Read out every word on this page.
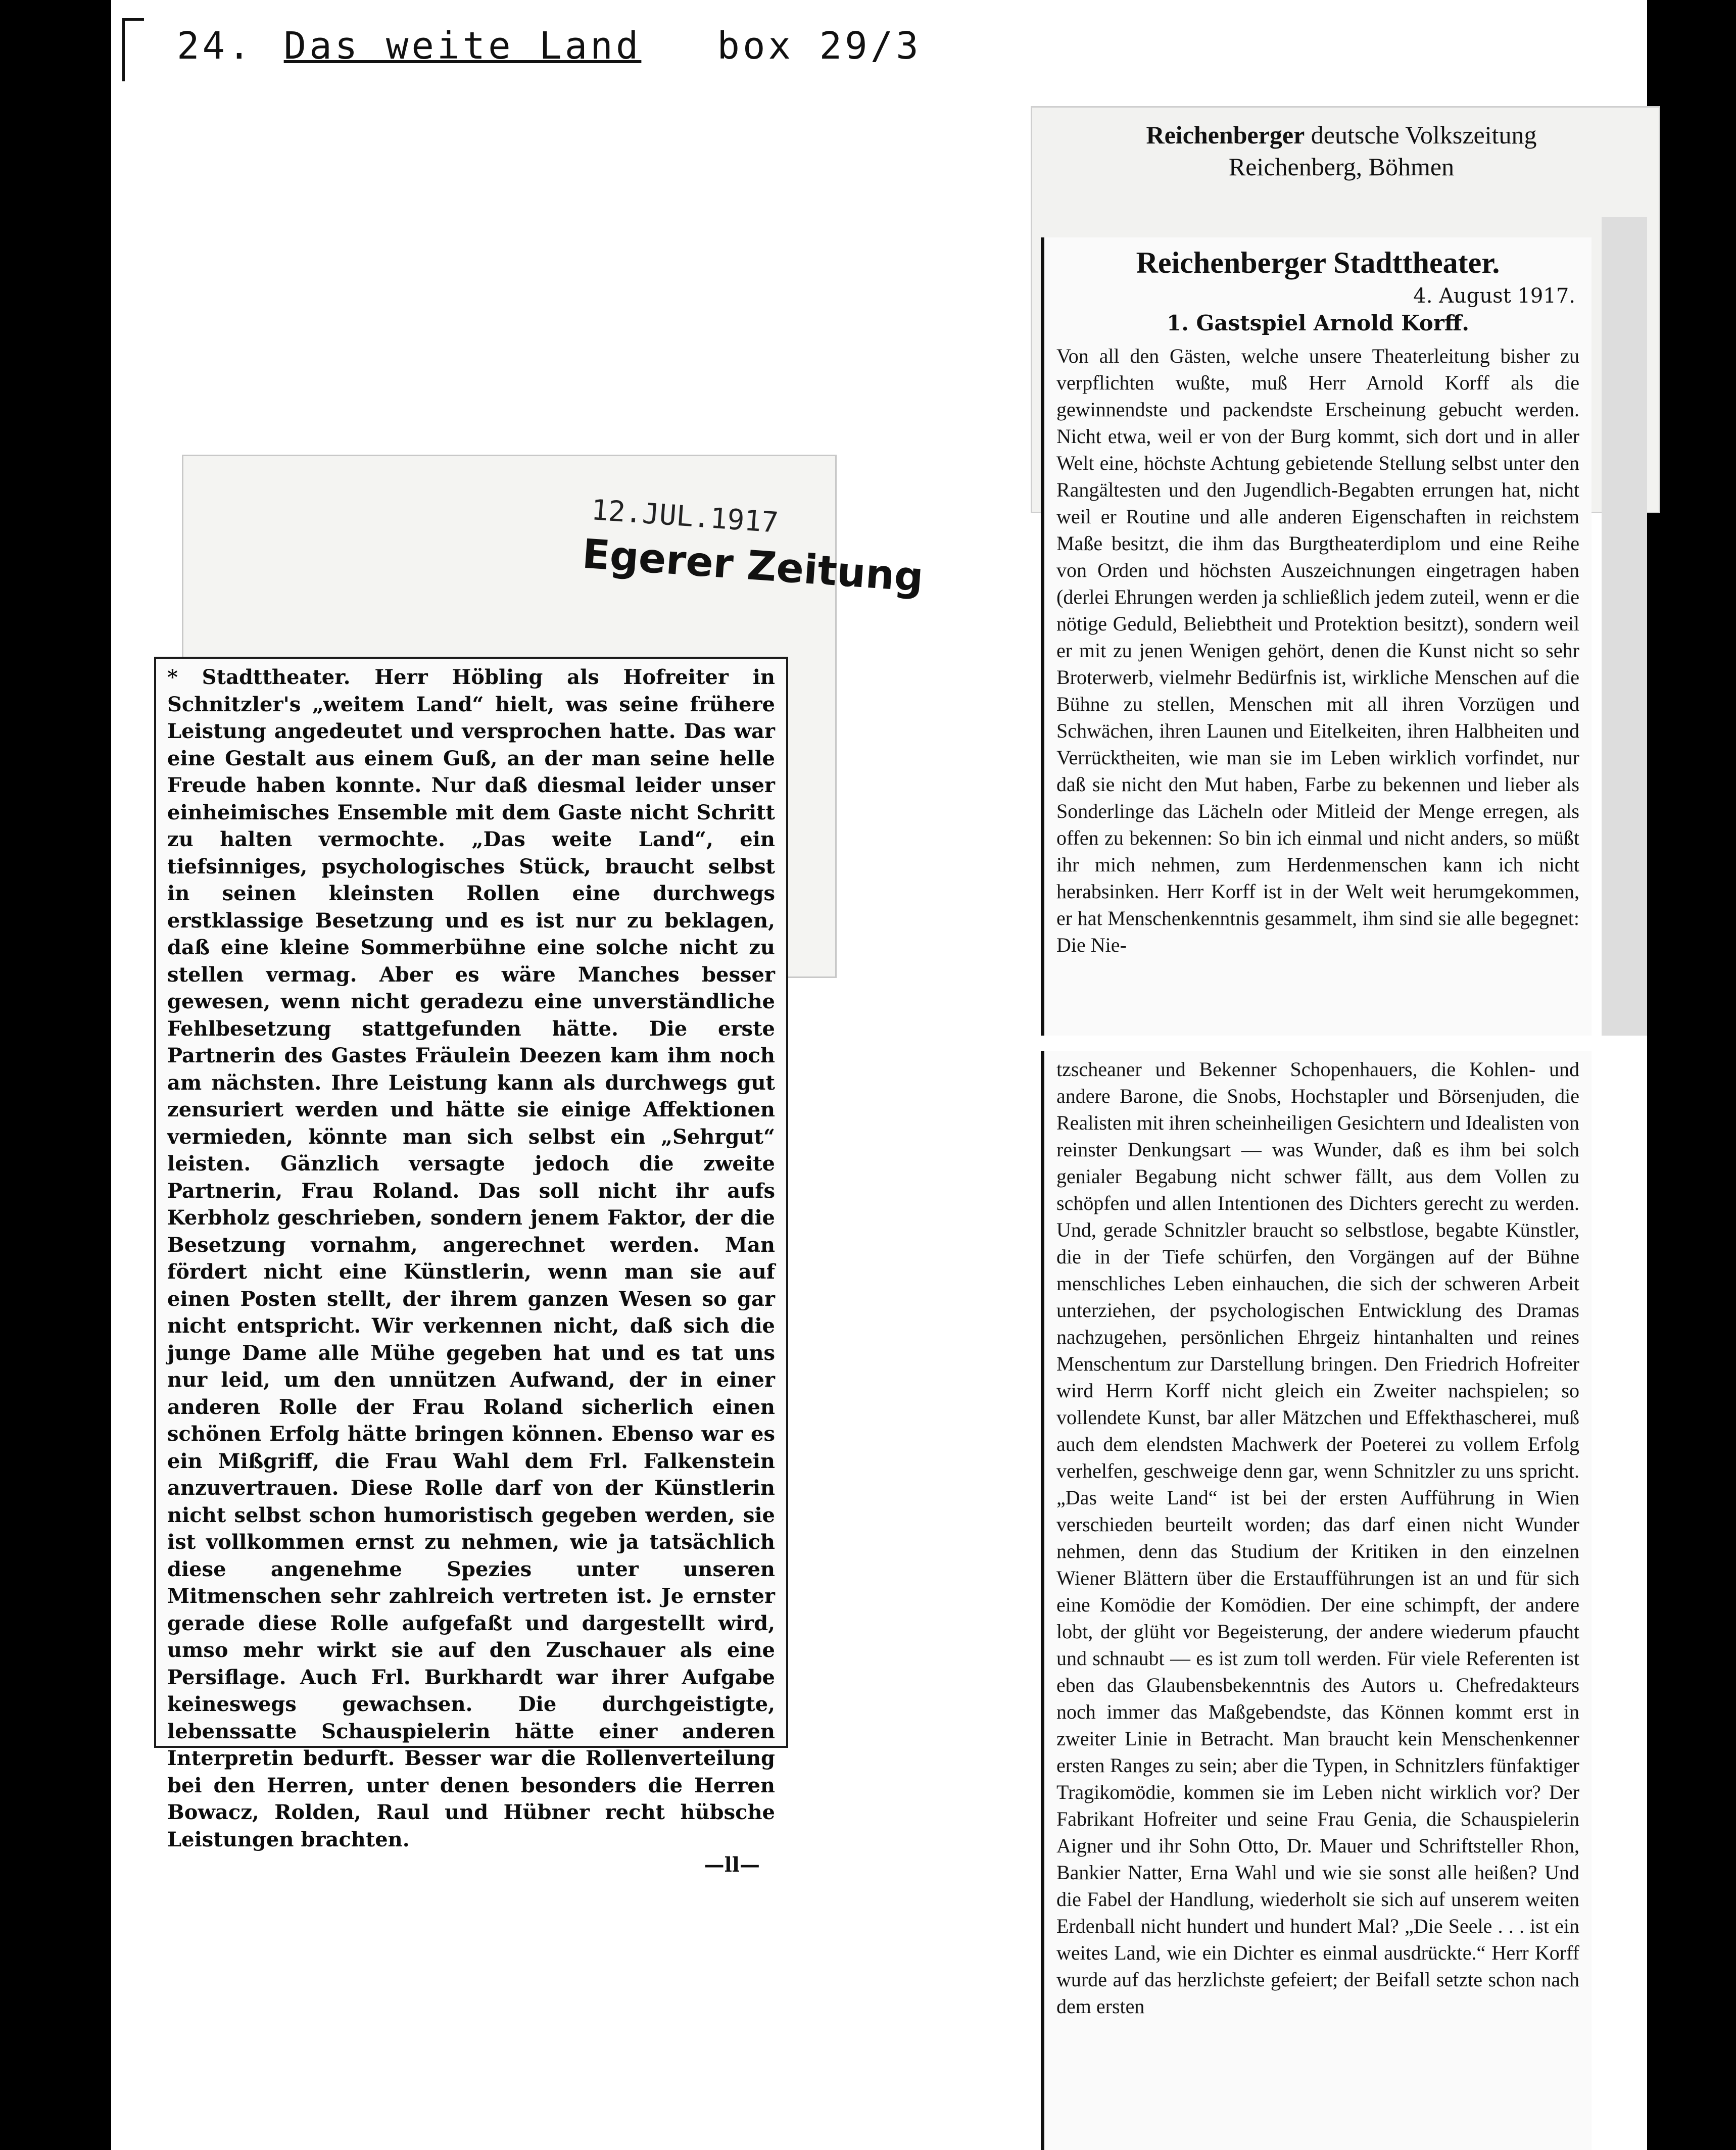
24. Das weite Land box 29/3
Reichenberger deutsche Volkszeitung
Reichenberg, Böhmen
12.JUL.1917
Egerer Zeitung
* Stadttheater. Herr Höbling als Hofreiter in Schnitzler's „weitem Land“ hielt, was seine frühere Leistung angedeutet und versprochen hatte. Das war eine Gestalt aus einem Guß, an der man seine helle Freude haben konnte. Nur daß diesmal leider unser einheimisches Ensemble mit dem Gaste nicht Schritt zu halten vermochte. „Das weite Land“, ein tiefsinniges, psychologisches Stück, braucht selbst in seinen kleinsten Rollen eine durchwegs erstklassige Besetzung und es ist nur zu beklagen, daß eine kleine Sommerbühne eine solche nicht zu stellen vermag. Aber es wäre Manches besser gewesen, wenn nicht geradezu eine unverständliche Fehlbesetzung stattgefunden hätte. Die erste Partnerin des Gastes Fräulein Deezen kam ihm noch am nächsten. Ihre Leistung kann als durchwegs gut zensuriert werden und hätte sie einige Affektionen vermieden, könnte man sich selbst ein „Sehrgut“ leisten. Gänzlich versagte jedoch die zweite Partnerin, Frau Roland. Das soll nicht ihr aufs Kerbholz geschrieben, sondern jenem Faktor, der die Besetzung vornahm, angerechnet werden. Man fördert nicht eine Künstlerin, wenn man sie auf einen Posten stellt, der ihrem ganzen Wesen so gar nicht entspricht. Wir verkennen nicht, daß sich die junge Dame alle Mühe gegeben hat und es tat uns nur leid, um den unnützen Aufwand, der in einer anderen Rolle der Frau Roland sicherlich einen schönen Erfolg hätte bringen können. Ebenso war es ein Mißgriff, die Frau Wahl dem Frl. Falkenstein anzuvertrauen. Diese Rolle darf von der Künstlerin nicht selbst schon humoristisch gegeben werden, sie ist vollkommen ernst zu nehmen, wie ja tatsächlich diese angenehme Spezies unter unseren Mitmenschen sehr zahlreich vertreten ist. Je ernster gerade diese Rolle aufgefaßt und dargestellt wird, umso mehr wirkt sie auf den Zuschauer als eine Persiflage. Auch Frl. Burkhardt war ihrer Aufgabe keineswegs gewachsen. Die durchgeistigte, lebenssatte Schauspielerin hätte einer anderen Interpretin bedurft. Besser war die Rollenverteilung bei den Herren, unter denen besonders die Herren Bowacz, Rolden, Raul und Hübner recht hübsche Leistungen brachten.
—ll—
Reichenberger Stadttheater.
4. August 1917.
1. Gastspiel Arnold Korff.
Von all den Gästen, welche unsere Theaterleitung bisher zu verpflichten wußte, muß Herr Arnold Korff als die gewinnendste und packendste Erscheinung gebucht werden. Nicht etwa, weil er von der Burg kommt, sich dort und in aller Welt eine, höchste Achtung gebietende Stellung selbst unter den Rangältesten und den Jugendlich-Begabten errungen hat, nicht weil er Routine und alle anderen Eigenschaften in reichstem Maße besitzt, die ihm das Burgtheaterdiplom und eine Reihe von Orden und höchsten Auszeichnungen eingetragen haben (derlei Ehrungen werden ja schließlich jedem zuteil, wenn er die nötige Geduld, Beliebtheit und Protektion besitzt), sondern weil er mit zu jenen Wenigen gehört, denen die Kunst nicht so sehr Broterwerb, vielmehr Bedürfnis ist, wirkliche Menschen auf die Bühne zu stellen, Menschen mit all ihren Vorzügen und Schwächen, ihren Launen und Eitelkeiten, ihren Halbheiten und Verrücktheiten, wie man sie im Leben wirklich vorfindet, nur daß sie nicht den Mut haben, Farbe zu bekennen und lieber als Sonderlinge das Lächeln oder Mitleid der Menge erregen, als offen zu bekennen: So bin ich einmal und nicht anders, so müßt ihr mich nehmen, zum Herdenmenschen kann ich nicht herabsinken. Herr Korff ist in der Welt weit herumgekommen, er hat Menschenkenntnis gesammelt, ihm sind sie alle begegnet: Die Nie-
tzscheaner und Bekenner Schopenhauers, die Kohlen- und andere Barone, die Snobs, Hochstapler und Börsenjuden, die Realisten mit ihren scheinheiligen Gesichtern und Idealisten von reinster Denkungsart — was Wunder, daß es ihm bei solch genialer Begabung nicht schwer fällt, aus dem Vollen zu schöpfen und allen Intentionen des Dichters gerecht zu werden. Und, gerade Schnitzler braucht so selbstlose, begabte Künstler, die in der Tiefe schürfen, den Vorgängen auf der Bühne menschliches Leben einhauchen, die sich der schweren Arbeit unterziehen, der psychologischen Entwicklung des Dramas nachzugehen, persönlichen Ehrgeiz hintanhalten und reines Menschentum zur Darstellung bringen. Den Friedrich Hofreiter wird Herrn Korff nicht gleich ein Zweiter nachspielen; so vollendete Kunst, bar aller Mätzchen und Effekthascherei, muß auch dem elendsten Machwerk der Poeterei zu vollem Erfolg verhelfen, geschweige denn gar, wenn Schnitzler zu uns spricht. „Das weite Land“ ist bei der ersten Aufführung in Wien verschieden beurteilt worden; das darf einen nicht Wunder nehmen, denn das Studium der Kritiken in den einzelnen Wiener Blättern über die Erstaufführungen ist an und für sich eine Komödie der Komödien. Der eine schimpft, der andere lobt, der glüht vor Begeisterung, der andere wiederum pfaucht und schnaubt — es ist zum toll werden. Für viele Referenten ist eben das Glaubensbekenntnis des Autors u. Chefredakteurs noch immer das Maßgebendste, das Können kommt erst in zweiter Linie in Betracht. Man braucht kein Menschenkenner ersten Ranges zu sein; aber die Typen, in Schnitzlers fünfaktiger Tragikomödie, kommen sie im Leben nicht wirklich vor? Der Fabrikant Hofreiter und seine Frau Genia, die Schauspielerin Aigner und ihr Sohn Otto, Dr. Mauer und Schriftsteller Rhon, Bankier Natter, Erna Wahl und wie sie sonst alle heißen? Und die Fabel der Handlung, wiederholt sie sich auf unserem weiten Erdenball nicht hundert und hundert Mal? „Die Seele . . . ist ein weites Land, wie ein Dichter es einmal ausdrückte.“ Herr Korff wurde auf das herzlichste gefeiert; der Beifall setzte schon nach dem ersten
